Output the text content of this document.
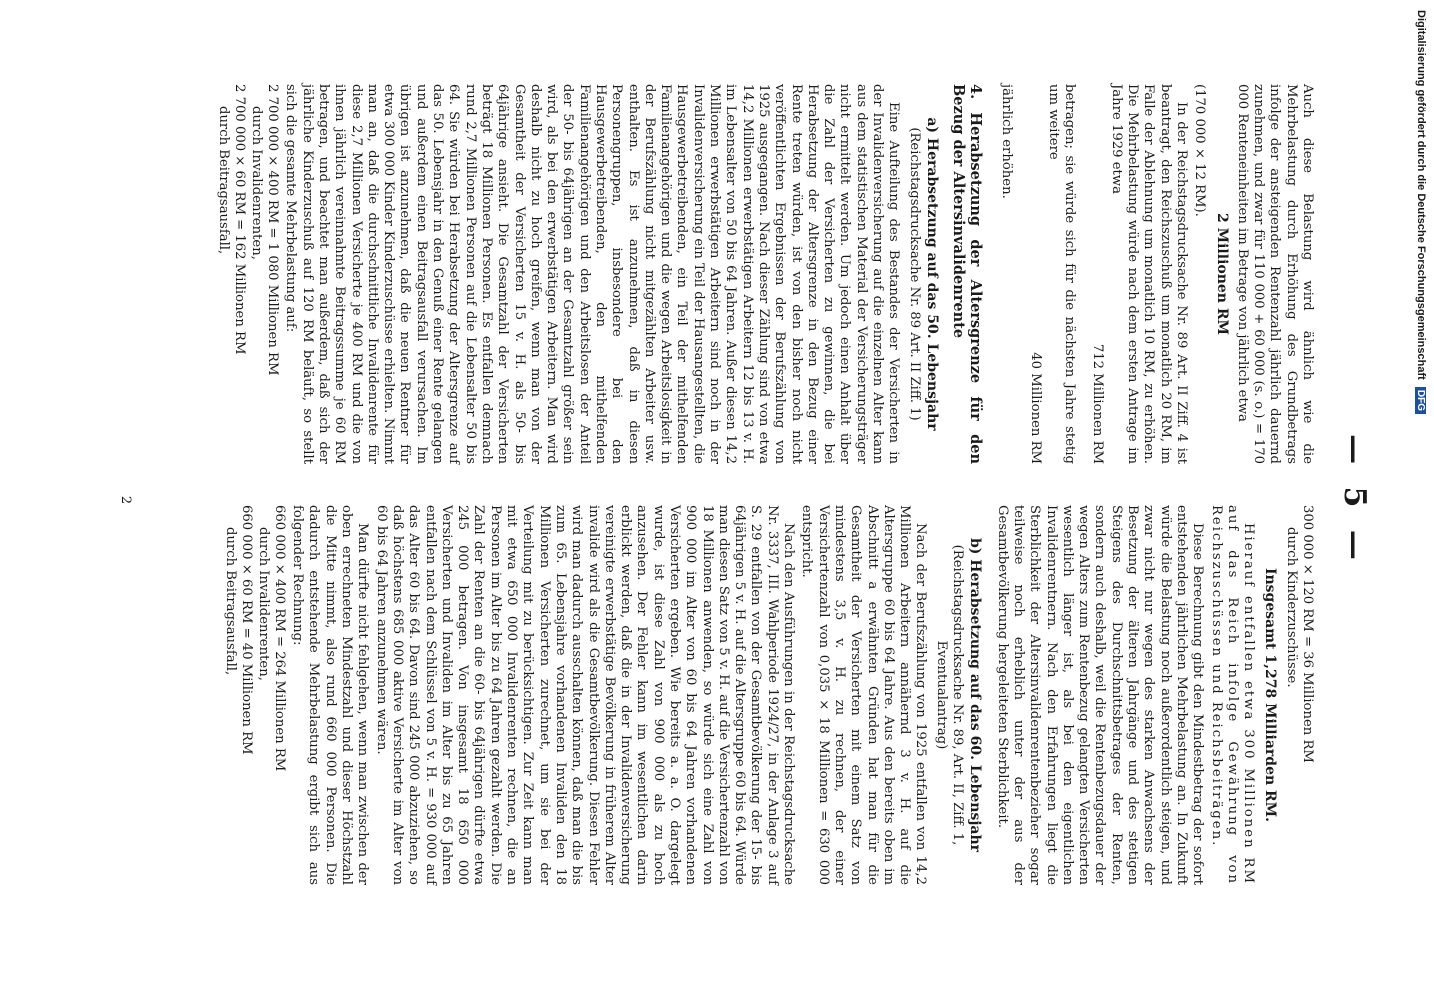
— 5 —

Auch diese Belastung wird ähnlich wie die Mehrbelastung durch Erhöhung des Grundbetrags infolge der ansteigenden Rentenzahl jährlich dauernd zunehmen, und zwar für 110 000 + 60 000 (s. o.) = 170 000 Renteneinheiten im Betrage von jährlich etwa

2 Millionen RM

(170 000 × 12 RM).

In der Reichstagsdrucksache Nr. 89 Art. II Ziff. 4 ist beantragt, den Reichszuschuß um monatlich 20 RM, im Falle der Ablehnung um monatlich 10 RM, zu erhöhen. Die Mehrbelastung würde nach dem ersten Antrage im Jahre 1929 etwa

712 Millionen RM

betragen; sie würde sich für die nächsten Jahre stetig um weitere

40 Millionen RM

jährlich erhöhen.

4. Herabsetzung der Altersgrenze für den Bezug der Altersinvalidenrente
a) Herabsetzung auf das 50. Lebensjahr
(Reichstagsdrucksache Nr. 89 Art. II Ziff. 1)

Eine Aufteilung des Bestandes der Versicherten in der Invalidenversicherung auf die einzelnen Alter kann aus dem statistischen Material der Versicherungsträger nicht ermittelt werden. Um jedoch einen Anhalt über die Zahl der Versicherten zu gewinnen, die bei Herabsetzung der Altersgrenze in den Bezug einer Rente treten würden, ist von den bisher noch nicht veröffentlichten Ergebnissen der Berufszählung von 1925 ausgegangen. Nach dieser Zählung sind von etwa 14,2 Millionen erwerbstätigen Arbeitern 12 bis 13 v. H. im Lebensalter von 50 bis 64 Jahren. Außer diesen 14,2 Millionen erwerbstätigen Arbeitern sind noch in der Invalidenversicherung ein Teil der Hausangestellten, die Hausgewerbetreibenden, ein Teil der mithelfenden Familienangehörigen und die wegen Arbeitslosigkeit in der Berufszählung nicht mitgezählten Arbeiter usw. enthalten. Es ist anzunehmen, daß in diesen Personengruppen, insbesondere bei den Hausgewerbetreibenden, den mithelfenden Familienangehörigen und den Arbeitslosen der Anteil der 50- bis 64jährigen an der Gesamtzahl größer sein wird, als bei den erwerbstätigen Arbeitern. Man wird deshalb nicht zu hoch greifen, wenn man von der Gesamtheit der Versicherten 15 v. H. als 50- bis 64jährige ansieht. Die Gesamtzahl der Versicherten beträgt 18 Millionen Personen. Es entfallen demnach rund 2,7 Millionen Personen auf die Lebensalter 50 bis 64. Sie würden bei Herabsetzung der Altersgrenze auf das 50. Lebensjahr in den Genuß einer Rente gelangen und außerdem einen Beitragsausfall verursachen. Im übrigen ist anzunehmen, daß die neuen Rentner für etwa 300 000 Kinder Kinderzuschüsse erhielten. Nimmt man an, daß die durchschnittliche Invalidenrente für diese 2,7 Millionen Versicherte je 400 RM und die von ihnen jährlich vereinnahmte Beitragssumme je 60 RM betragen, und beachtet man außerdem, daß sich der jährliche Kinderzuschuß auf 120 RM beläuft, so stellt sich die gesamte Mehrbelastung auf:

2 700 000 × 400 RM = 1 080 Millionen RM
durch Invalidenrenten,
2 700 000 × 60 RM = 162 Millionen RM
durch Beitragsausfall,
300 000 × 120 RM = 36 Millionen RM
durch Kinderzuschüsse.
Insgesamt 1,278 Milliarden RM.

Hierauf entfallen etwa 300 Millionen RM auf das Reich infolge Gewährung von Reichszuschüssen und Reichsbeiträgen.

Diese Berechnung gibt den Mindestbetrag der sofort entstehenden jährlichen Mehrbelastung an. In Zukunft würde die Belastung noch außerordentlich steigen, und zwar nicht nur wegen des starken Anwachsens der Besetzung der älteren Jahrgänge und des stetigen Steigens des Durchschnittsbetrages der Renten, sondern auch deshalb, weil die Rentenbezugsdauer der wegen Alters zum Rentenbezug gelangten Versicherten wesentlich länger ist, als bei den eigentlichen Invalidenrentnern. Nach den Erfahrungen liegt die Sterblichkeit der Altersinvalidenrentenbezieher sogar teilweise noch erheblich unter der aus der Gesamtbevölkerung hergeleiteten Sterblichkeit.

b) Herabsetzung auf das 60. Lebensjahr
(Reichstagsdrucksache Nr. 89, Art. II, Ziff. 1, Eventualantrag)

Nach der Berufszählung von 1925 entfallen von 14,2 Millionen Arbeitern annähernd 3 v. H. auf die Altersgruppe 60 bis 64 Jahre. Aus den bereits oben im Abschnitt a erwähnten Gründen hat man für die Gesamtheit der Versicherten mit einem Satz von mindestens 3,5 v. H. zu rechnen, der einer Versichertenzahl von 0,035 × 18 Millionen = 630 000 entspricht.

Nach den Ausführungen in der Reichstagsdrucksache Nr. 3337, III. Wahlperiode 1924/27, in der Anlage 3 auf S. 29 entfallen von der Gesamtbevölkerung der 15- bis 64jährigen 5 v. H. auf die Altersgruppe 60 bis 64. Würde man diesen Satz von 5 v. H. auf die Versichertenzahl von 18 Millionen anwenden, so würde sich eine Zahl von 900 000 im Alter von 60 bis 64 Jahren vorhandenen Versicherten ergeben. Wie bereits a. a. O. dargelegt wurde, ist diese Zahl von 900 000 als zu hoch anzusehen. Der Fehler kann im wesentlichen darin erblickt werden, daß die in der Invalidenversicherung vereinigte erwerbstätige Bevölkerung in früherem Alter invalide wird als die Gesamtbevölkerung. Diesen Fehler wird man dadurch ausschalten können, daß man die bis zum 65. Lebensjahre vorhandenen Invaliden den 18 Millionen Versicherten zurechnet, um sie bei der Verteilung mit zu berücksichtigen. Zur Zeit kann man mit etwa 650 000 Invalidenrenten rechnen, die an Personen im Alter bis zu 64 Jahren gezahlt werden. Die Zahl der Renten an die 60- bis 64jährigen dürfte etwa 245 000 betragen. Von insgesamt 18 650 000 Versicherten und Invaliden im Alter bis zu 65 Jahren entfallen nach dem Schlüssel von 5 v. H. = 930 000 auf das Alter 60 bis 64. Davon sind 245 000 abzuziehen, so daß höchstens 685 000 aktive Versicherte im Alter von 60 bis 64 Jahren anzunehmen wären.

Man dürfte nicht fehlgehen, wenn man zwischen der oben errechneten Mindestzahl und dieser Höchstzahl die Mitte nimmt, also rund 660 000 Personen. Die dadurch entstehende Mehrbelastung ergibt sich aus folgender Rechnung:

660 000 × 400 RM = 264 Millionen RM
durch Invalidenrenten,
660 000 × 60 RM = 40 Millionen RM
durch Beitragsausfall,
2
Digitalisierung gefördert durch die Deutsche Forschungsgemeinschaft DFG
